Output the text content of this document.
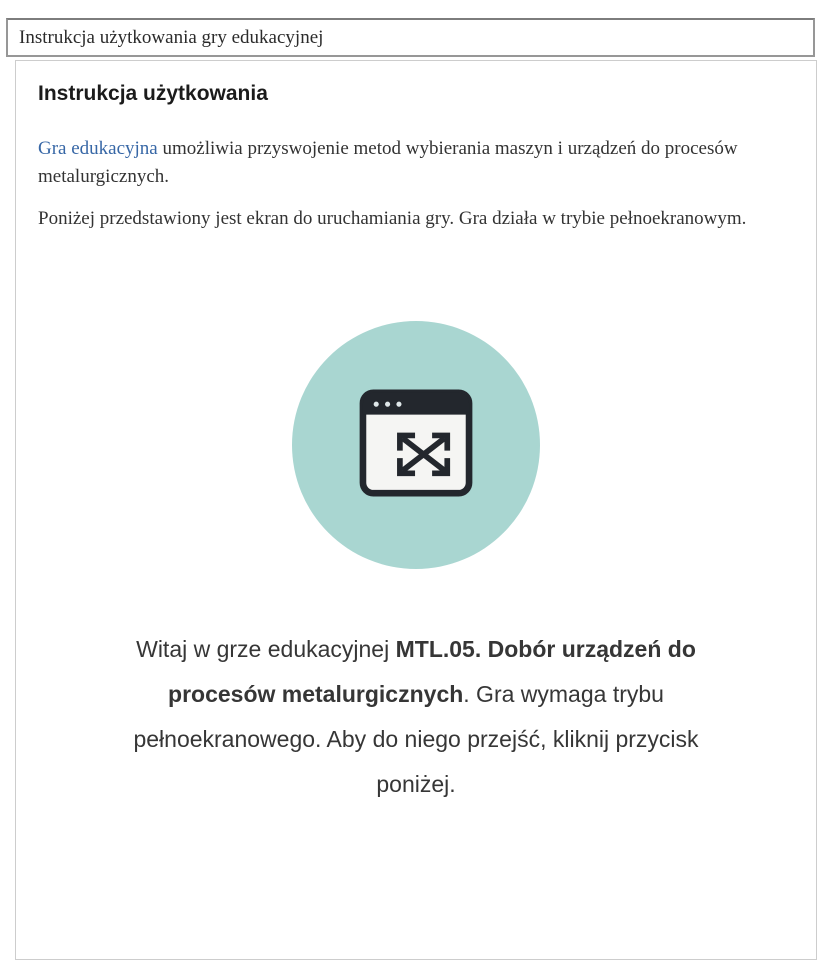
Instrukcja użytkowania gry edukacyjnej
Instrukcja użytkowania

Gra edukacyjna umożliwia przyswojenie metod wybierania maszyn i urządzeń do procesów metalurgicznych.

Poniżej przedstawiony jest ekran do uruchamiania gry. Gra działa w trybie pełnoekranowym.

Witaj w grze edukacyjnej MTL.05. Dobór urządzeń do
procesów metalurgicznych. Gra wymaga trybu
pełnoekranowego. Aby do niego przejść, kliknij przycisk
poniżej.
